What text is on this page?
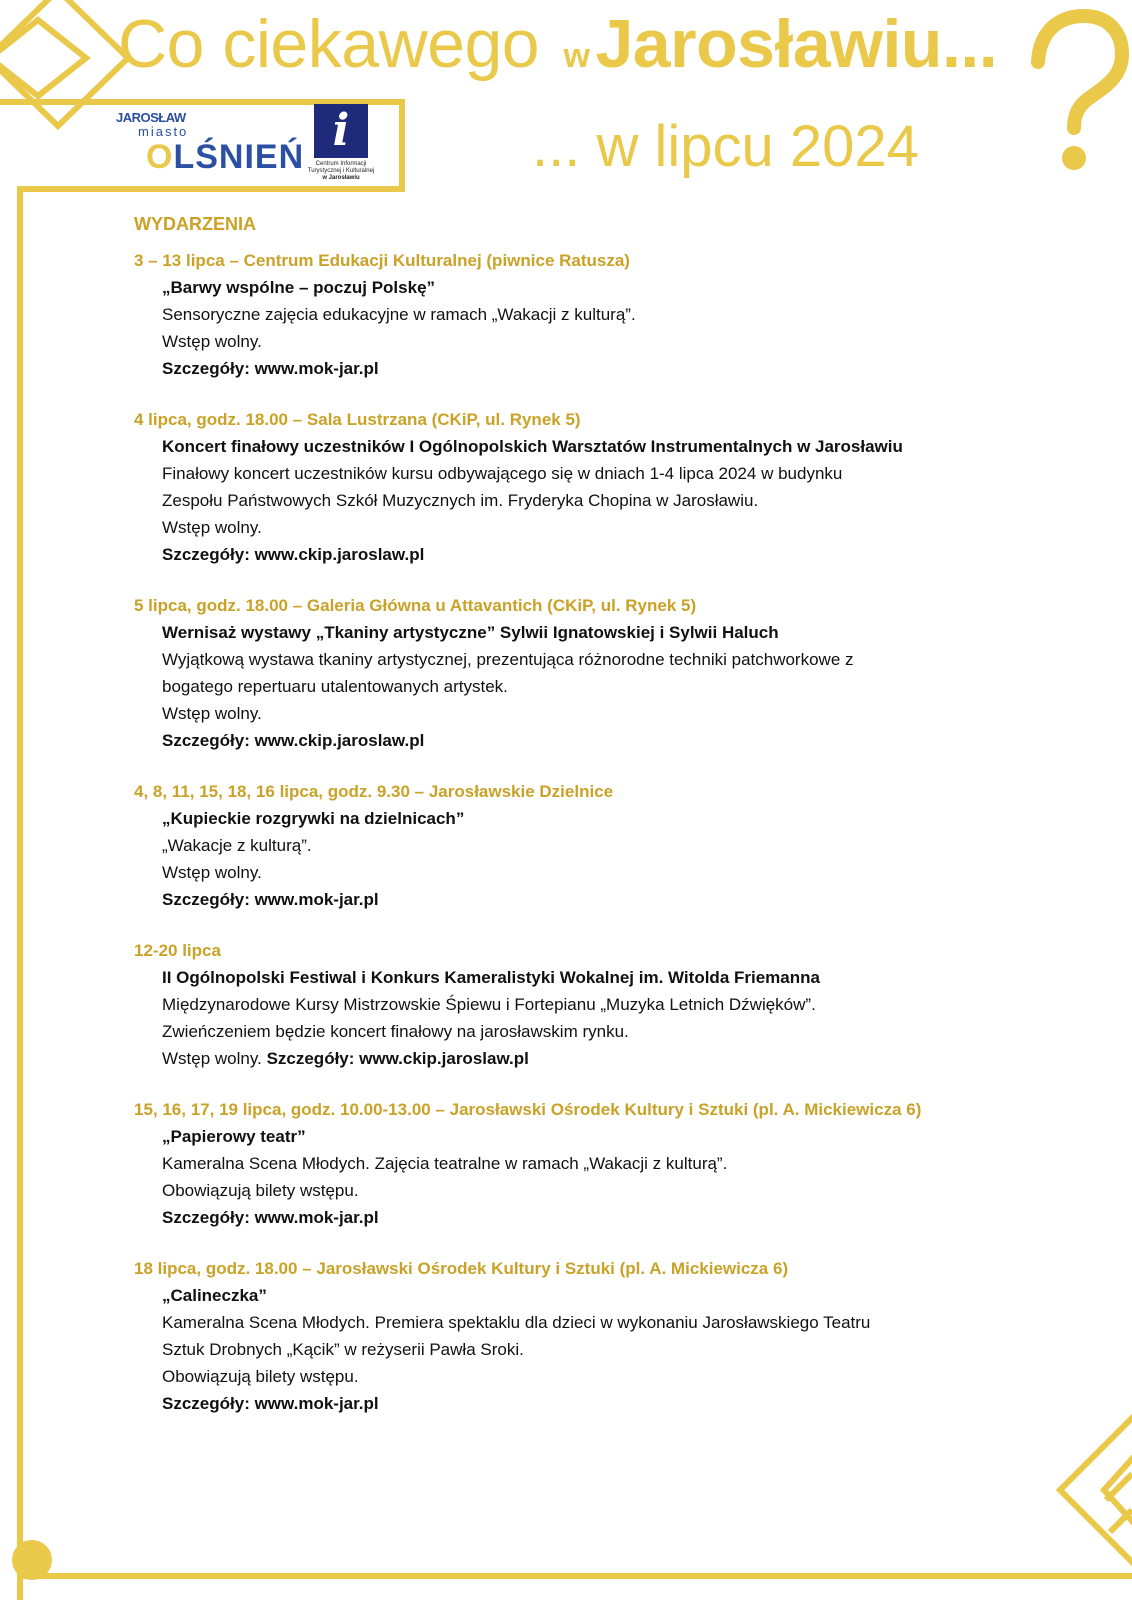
Co ciekawego wJarosławiu...
... w lipcu 2024
JAROSŁAW
miasto
OLŚNIEŃ
i
Centrum Informacji
Turystycznej i Kulturalnej
w Jarosławiu
WYDARZENIA
3 – 13 lipca – Centrum Edukacji Kulturalnej (piwnice Ratusza)
„Barwy wspólne – poczuj Polskę”
Sensoryczne zajęcia edukacyjne w ramach „Wakacji z kulturą”.
Wstęp wolny.
Szczegóły: www.mok-jar.pl
4 lipca, godz. 18.00 – Sala Lustrzana (CKiP, ul. Rynek 5)
Koncert finałowy uczestników I Ogólnopolskich Warsztatów Instrumentalnych w Jarosławiu
Finałowy koncert uczestników kursu odbywającego się w dniach 1-4 lipca 2024 w budynku
Zespołu Państwowych Szkół Muzycznych im. Fryderyka Chopina w Jarosławiu.
Wstęp wolny.
Szczegóły: www.ckip.jaroslaw.pl
5 lipca, godz. 18.00 – Galeria Główna u Attavantich (CKiP, ul. Rynek 5)
Wernisaż wystawy „Tkaniny artystyczne” Sylwii Ignatowskiej i Sylwii Haluch
Wyjątkową wystawa tkaniny artystycznej, prezentująca różnorodne techniki patchworkowe z
bogatego repertuaru utalentowanych artystek.
Wstęp wolny.
Szczegóły: www.ckip.jaroslaw.pl
4, 8, 11, 15, 18, 16 lipca, godz. 9.30 – Jarosławskie Dzielnice
„Kupieckie rozgrywki na dzielnicach”
„Wakacje z kulturą”.
Wstęp wolny.
Szczegóły: www.mok-jar.pl
12-20 lipca
II Ogólnopolski Festiwal i Konkurs Kameralistyki Wokalnej im. Witolda Friemanna
Międzynarodowe Kursy Mistrzowskie Śpiewu i Fortepianu „Muzyka Letnich Dźwięków”.
Zwieńczeniem będzie koncert finałowy na jarosławskim rynku.
Wstęp wolny. Szczegóły: www.ckip.jaroslaw.pl
15, 16, 17, 19 lipca, godz. 10.00-13.00 – Jarosławski Ośrodek Kultury i Sztuki (pl. A. Mickiewicza 6)
„Papierowy teatr”
Kameralna Scena Młodych. Zajęcia teatralne w ramach „Wakacji z kulturą”.
Obowiązują bilety wstępu.
Szczegóły: www.mok-jar.pl
18 lipca, godz. 18.00 – Jarosławski Ośrodek Kultury i Sztuki (pl. A. Mickiewicza 6)
„Calineczka”
Kameralna Scena Młodych. Premiera spektaklu dla dzieci w wykonaniu Jarosławskiego Teatru
Sztuk Drobnych „Kącik” w reżyserii Pawła Sroki.
Obowiązują bilety wstępu.
Szczegóły: www.mok-jar.pl
